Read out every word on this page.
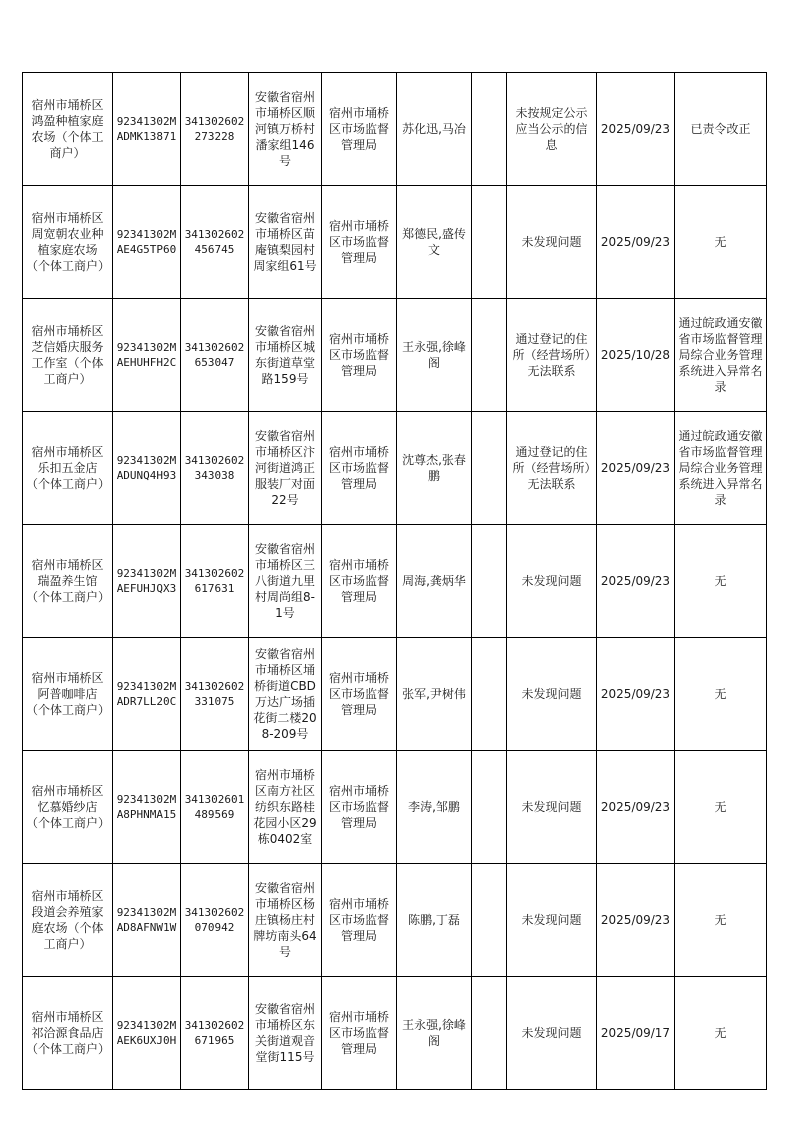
宿州市埇桥区鸿盈种植家庭农场（个体工商户）	92341302MADMK13871	341302602273228	安徽省宿州市埇桥区顺河镇万桥村潘家组146号	宿州市埇桥区市场监督管理局	苏化迅,马冶		未按规定公示应当公示的信息	2025/09/23	已责令改正
宿州市埇桥区周宽朝农业种植家庭农场（个体工商户）	92341302MAE4G5TP60	341302602456745	安徽省宿州市埇桥区苗庵镇梨园村周家组61号	宿州市埇桥区市场监督管理局	郑德民,盛传文		未发现问题	2025/09/23	无
宿州市埇桥区芝信婚庆服务工作室（个体工商户）	92341302MAEHUHFH2C	341302602653047	安徽省宿州市埇桥区城东街道草堂路159号	宿州市埇桥区市场监督管理局	王永强,徐峰阁		通过登记的住所（经营场所）无法联系	2025/10/28	通过皖政通安徽省市场监督管理局综合业务管理系统进入异常名录
宿州市埇桥区乐扣五金店（个体工商户）	92341302MADUNQ4H93	341302602343038	安徽省宿州市埇桥区汴河街道鸿正服装厂对面22号	宿州市埇桥区市场监督管理局	沈尊杰,张春鹏		通过登记的住所（经营场所）无法联系	2025/09/23	通过皖政通安徽省市场监督管理局综合业务管理系统进入异常名录
宿州市埇桥区瑞盈养生馆（个体工商户）	92341302MAEFUHJQX3	341302602617631	安徽省宿州市埇桥区三八街道九里村周尚组8-1号	宿州市埇桥区市场监督管理局	周海,龚炳华		未发现问题	2025/09/23	无
宿州市埇桥区阿普咖啡店（个体工商户）	92341302MADR7LL20C	341302602331075	安徽省宿州市埇桥区埇桥街道CBD万达广场插花街二楼208-209号	宿州市埇桥区市场监督管理局	张军,尹树伟		未发现问题	2025/09/23	无
宿州市埇桥区忆慕婚纱店（个体工商户）	92341302MA8PHNMA15	341302601489569	宿州市埇桥区南方社区纺织东路桂花园小区29栋0402室	宿州市埇桥区市场监督管理局	李涛,邹鹏		未发现问题	2025/09/23	无
宿州市埇桥区段道会养殖家庭农场（个体工商户）	92341302MAD8AFNW1W	341302602070942	安徽省宿州市埇桥区杨庄镇杨庄村牌坊南头64号	宿州市埇桥区市场监督管理局	陈鹏,丁磊		未发现问题	2025/09/23	无
宿州市埇桥区祁洽源食品店（个体工商户）	92341302MAEK6UXJ0H	341302602671965	安徽省宿州市埇桥区东关街道观音堂街115号	宿州市埇桥区市场监督管理局	王永强,徐峰阁		未发现问题	2025/09/17	无
